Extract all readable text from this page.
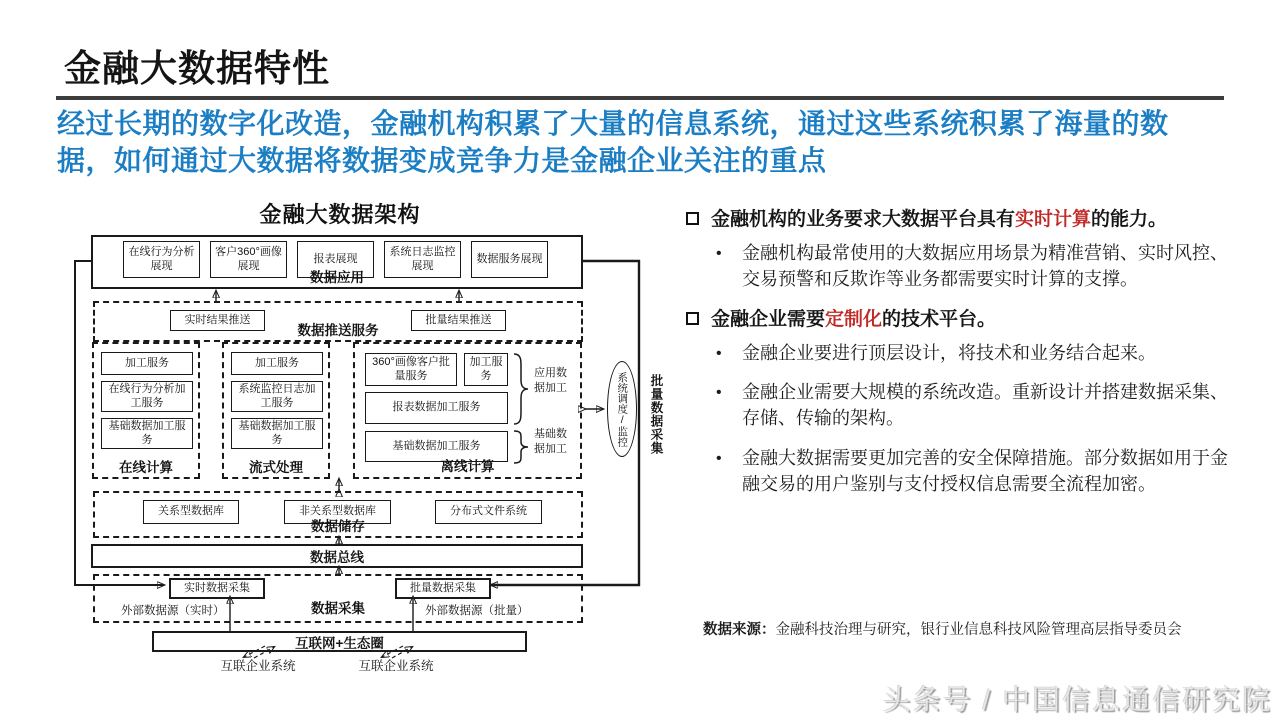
金融大数据特性

经过长期的数字化改造，金融机构积累了大量的信息系统，通过这些系统积累了海量的数据，如何通过大数据将数据变成竞争力是金融企业关注的重点

金融大数据架构
在线行为分析展现
客户360°画像展现
报表展现
系统日志监控展现
数据服务展现
数据应用
实时结果推送	批量结果推送
数据推送服务
加工服务
在线行为分析加工服务
基础数据加工服务
在线计算
加工服务
系统监控日志加工服务
基础数据加工服务
流式处理
360°画像客户批量服务
加工服务
报表数据加工服务
基础数据加工服务
应用数据加工
基础数据加工
离线计算
系统调度/监控 批量数据采集
关系型数据库	非关系型数据库	分布式文件系统
数据储存
数据总线
实时数据采集	批量数据采集
外部数据源（实时）	外部数据源（批量）
数据采集
互联网+生态圈
互联企业系统	互联企业系统

金融机构的业务要求大数据平台具有实时计算的能力。

• 金融机构最常使用的大数据应用场景为精准营销、实时风控、交易预警和反欺诈等业务都需要实时计算的支撑。

金融企业需要定制化的技术平台。

• 金融企业要进行顶层设计，将技术和业务结合起来。

• 金融企业需要大规模的系统改造。重新设计并搭建数据采集、存储、传输的架构。

• 金融大数据需要更加完善的安全保障措施。部分数据如用于金融交易的用户鉴别与支付授权信息需要全流程加密。

数据来源：金融科技治理与研究，银行业信息科技风险管理高层指导委员会

头条号 / 中国信息通信研究院
